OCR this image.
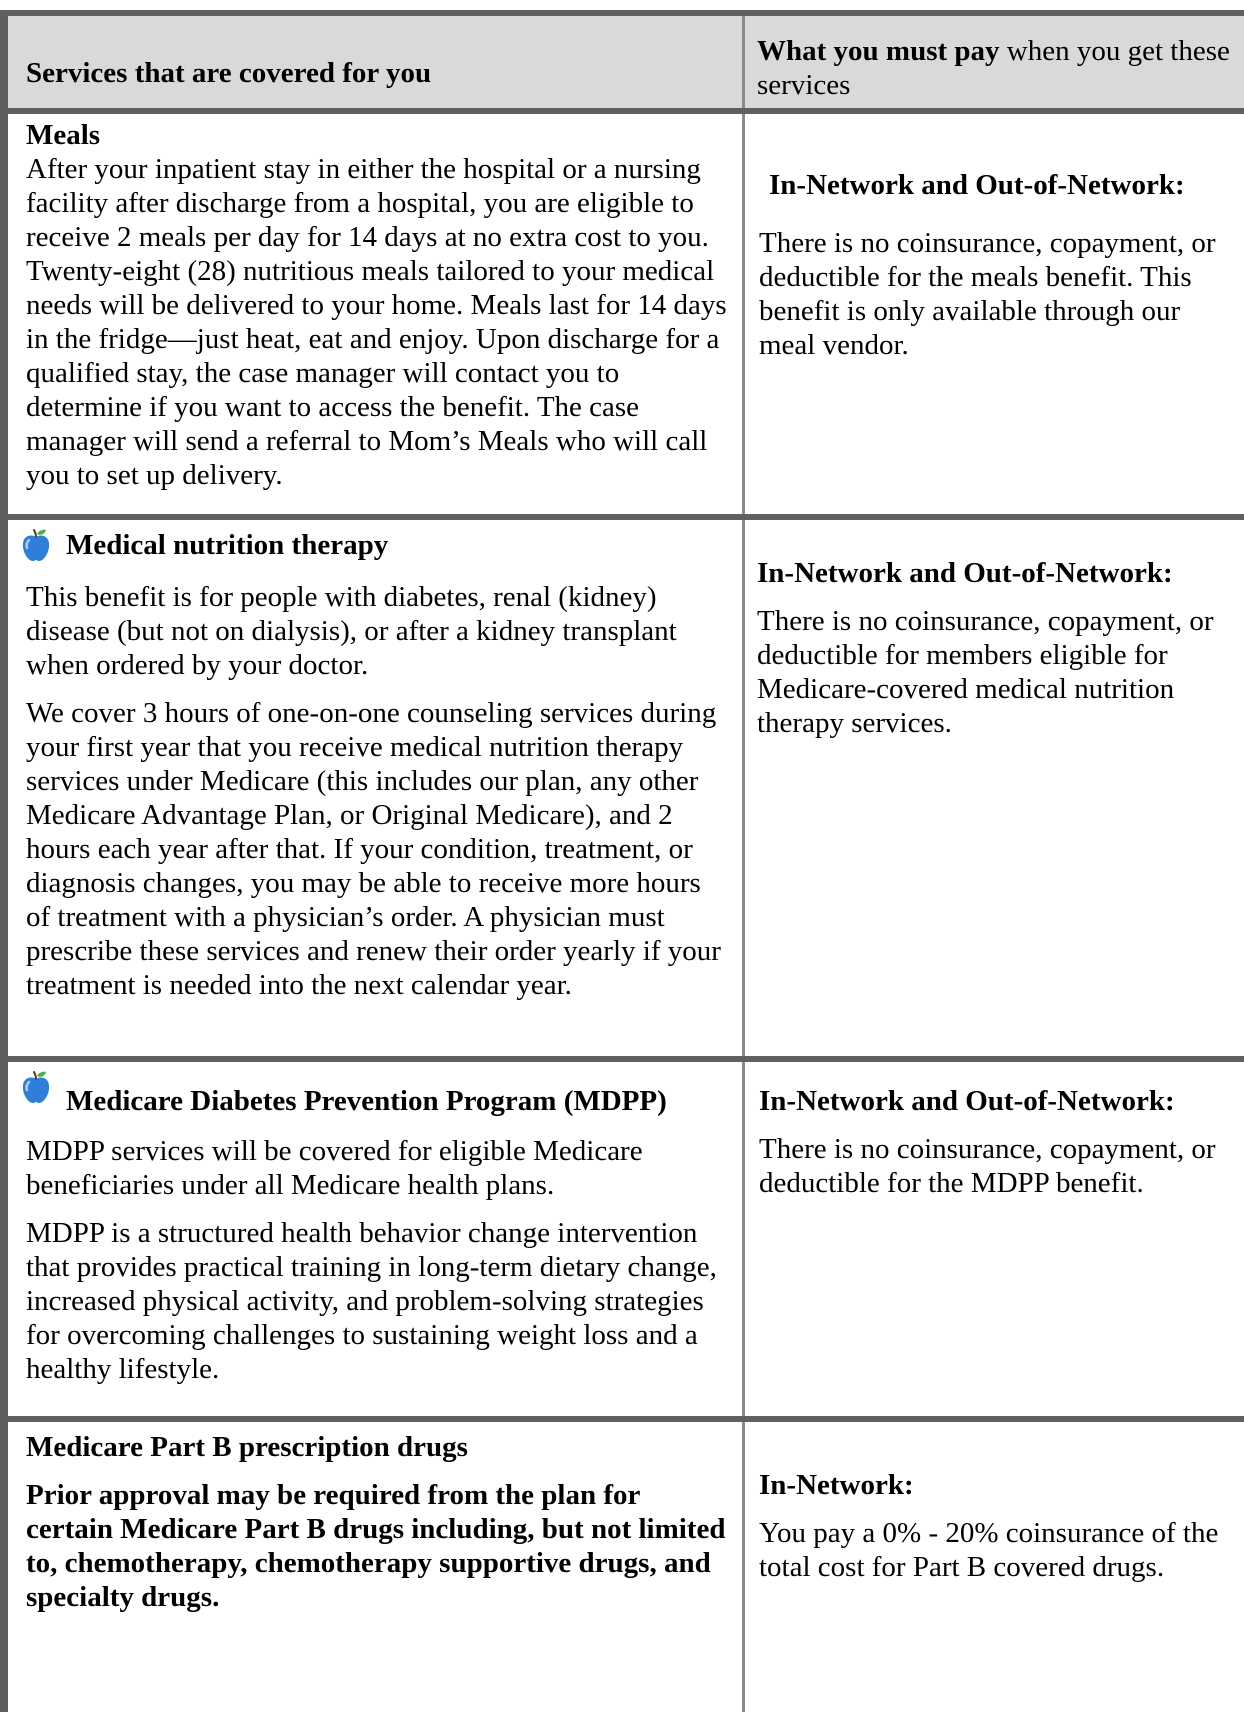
Services that are covered for you
What you must pay when you get these services

Meals

After your inpatient stay in either the hospital or a nursing facility after discharge from a hospital, you are eligible to receive 2 meals per day for 14 days at no extra cost to you. Twenty-eight (28) nutritious meals tailored to your medical needs will be delivered to your home. Meals last for 14 days in the fridge—just heat, eat and enjoy. Upon discharge for a qualified stay, the case manager will contact you to determine if you want to access the benefit. The case manager will send a referral to Mom’s Meals who will call you to set up delivery.

In-Network and Out-of-Network:

There is no coinsurance, copayment, or deductible for the meals benefit. This benefit is only available through our meal vendor.

Medical nutrition therapy

This benefit is for people with diabetes, renal (kidney) disease (but not on dialysis), or after a kidney transplant when ordered by your doctor.

We cover 3 hours of one-on-one counseling services during your first year that you receive medical nutrition therapy services under Medicare (this includes our plan, any other Medicare Advantage Plan, or Original Medicare), and 2 hours each year after that. If your condition, treatment, or diagnosis changes, you may be able to receive more hours of treatment with a physician’s order. A physician must prescribe these services and renew their order yearly if your treatment is needed into the next calendar year.

In-Network and Out-of-Network:

There is no coinsurance, copayment, or deductible for members eligible for Medicare-covered medical nutrition therapy services.

Medicare Diabetes Prevention Program (MDPP)

MDPP services will be covered for eligible Medicare beneficiaries under all Medicare health plans.

MDPP is a structured health behavior change intervention that provides practical training in long-term dietary change, increased physical activity, and problem-solving strategies for overcoming challenges to sustaining weight loss and a healthy lifestyle.

In-Network and Out-of-Network:

There is no coinsurance, copayment, or deductible for the MDPP benefit.

Medicare Part B prescription drugs

Prior approval may be required from the plan for certain Medicare Part B drugs including, but not limited to, chemotherapy, chemotherapy supportive drugs, and specialty drugs.

In-Network:

You pay a 0% - 20% coinsurance of the total cost for Part B covered drugs.
